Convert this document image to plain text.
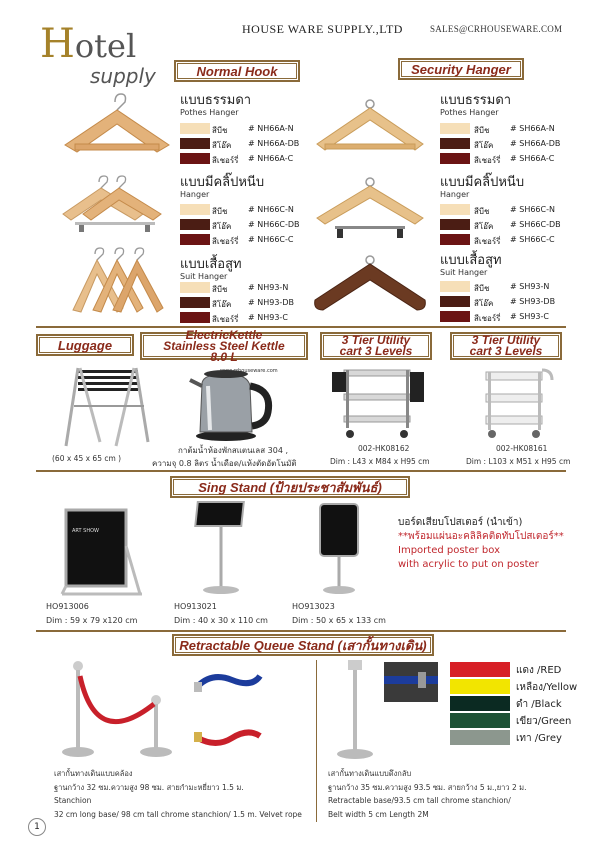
Hotel
supply
HOUSE WARE SUPPLY.,LTD	SALES@CRHOUSEWARE.COM
Normal Hook	Security Hanger
แบบธรรมดา
Pothes Hanger
แบบมีคลิ๊ปหนีบ
Hanger
แบบเสื้อสูท
Suit Hanger
สีบีช	# NH66A-N
สีโอ๊ค # NH66A-DB
สีเชอร์รี่ # NH66A-C
สีบีช	# NH66C-N
สีโอ๊ค # NH66C-DB
สีเชอร์รี่ # NH66C-C
สีบีช	# NH93-N
สีโอ๊ค # NH93-DB
สีเชอร์รี่ # NH93-C
แบบธรรมดา
Pothes Hanger
แบบมีคลิ๊ปหนีบ
Hanger
แบบเสื้อสูท
Suit Hanger
สีบีช	# SH66A-N
สีโอ๊ค # SH66A-DB
สีเชอร์รี่ # SH66A-C
สีบีช	# SH66C-N
สีโอ๊ค # SH66C-DB
สีเชอร์รี่ # SH66C-C
สีบีช	# SH93-N
สีโอ๊ค # SH93-DB
สีเชอร์รี่ # SH93-C
Luggage
ElectricKettle Stainless Steel Kettle 8.0 L
3 Tier Utility cart 3 Levels
3 Tier Utility cart 3 Levels
(60 x 45 x 65 cm )
www.crhouseware.com
กาต้มน้ำห้องพักสแตนเลส 304 ,
ความจุ 0.8 ลิตร น้ำเดือด/แห้งตัดอัตโนมัติ
002-HK08162
Dim : L43 x M84 x H95 cm
002-HK08161
Dim : L103 x M51 x H95 cm
Sing Stand (ป้ายประชาสัมพันธ์)
ART SHOW
HO913006
Dim : 59 x 79 x120 cm
HO913021
Dim : 40 x 30 x 110 cm
HO913023
Dim : 50 x 65 x 133 cm
บอร์ดเสียบโปสเตอร์ (นำเข้า)
**พร้อมแผ่นอะคลิลิคติดทับโปสเตอร์**
Imported poster box
with acrylic to put on poster
Retractable Queue Stand (เสากั้นทางเดิน)
แดง /RED
เหลือง/Yellow
ดำ /Black
เขียว/Green
เทา /Grey
เสากั้นทางเดินแบบคล้อง
ฐานกว้าง 32 ซม.ความสูง 98 ซม. สายกำมะหยี่ยาว 1.5 ม.
Stanchion
32 cm long base/ 98 cm tall chrome stanchion/ 1.5 m. Velvet rope
เสากั้นทางเดินแบบดึงกลับ
ฐานกว้าง 35 ซม.ความสูง 93.5 ซม. สายกว้าง 5 ม.,ยาว 2 ม.
Retractable base/93.5 cm tall chrome stanchion/
Belt width 5 cm Length 2M
1
